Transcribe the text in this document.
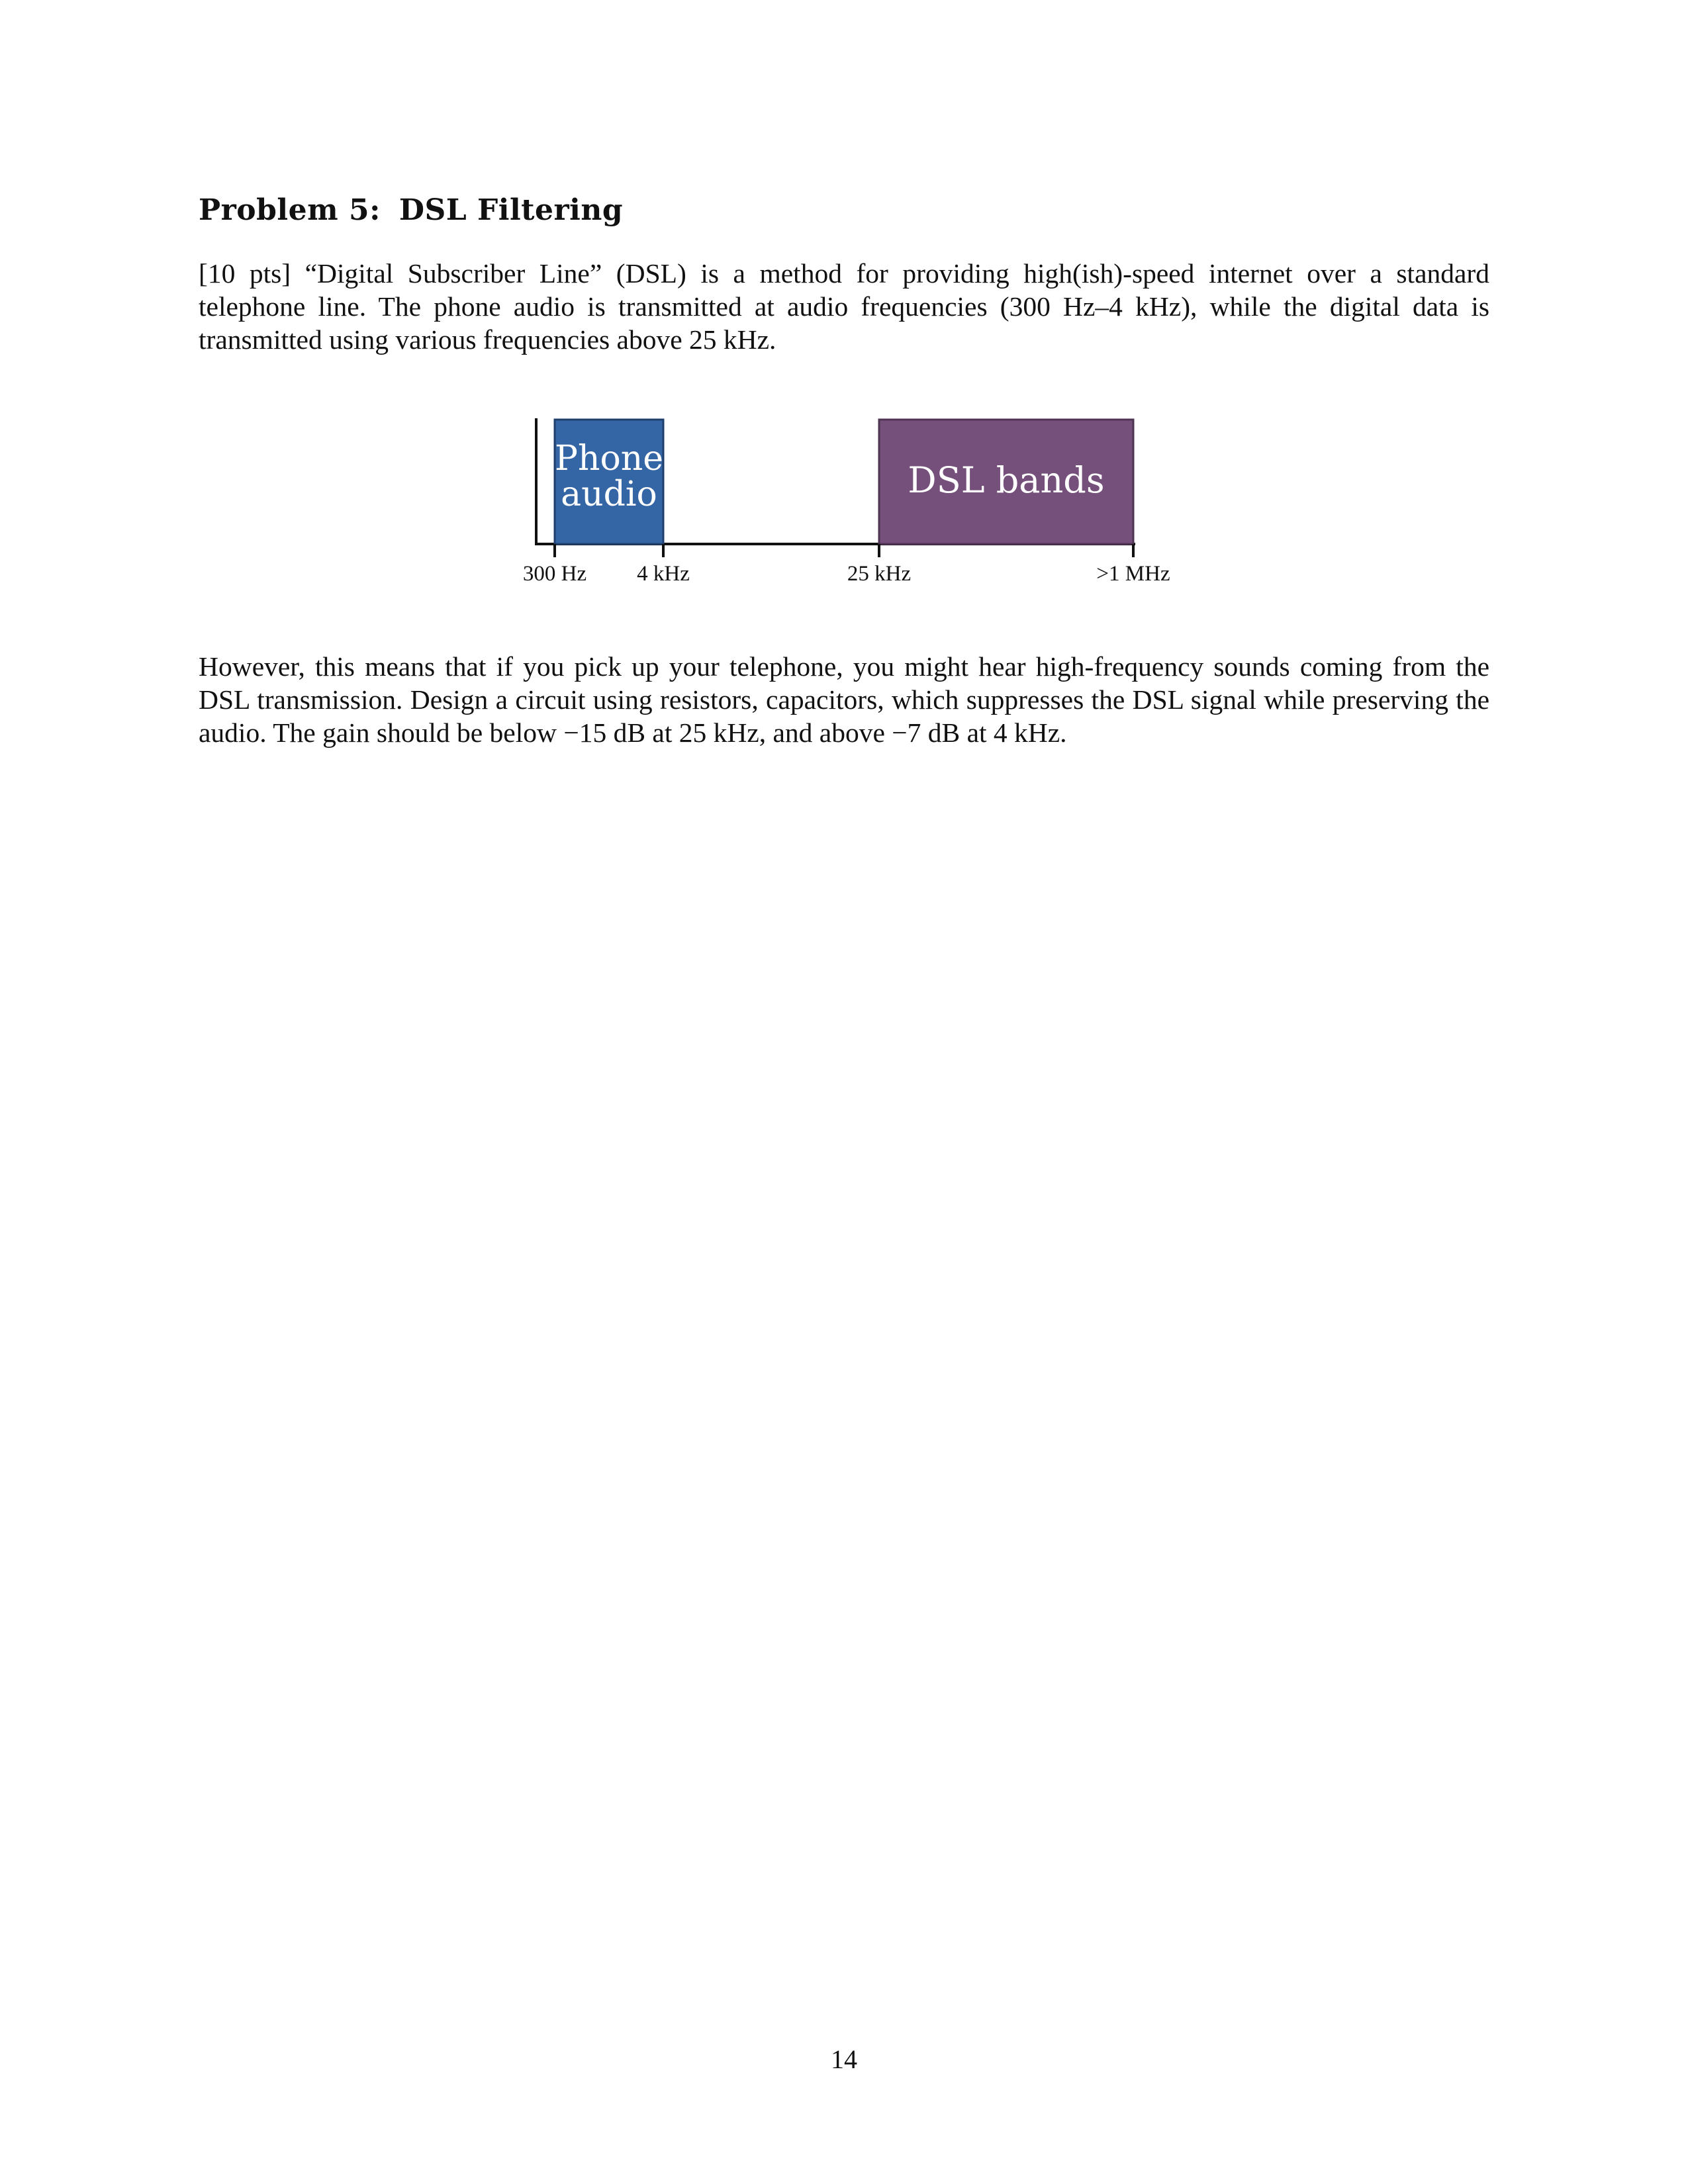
Problem 5: DSL Filtering
[10 pts] “Digital Subscriber Line” (DSL) is a method for providing high(ish)-speed internet over a standard telephone line. The phone audio is transmitted at audio frequencies (300 Hz–4 kHz), while the digital data is transmitted using various frequencies above 25 kHz.
Phone
audio	DSL bands
300 Hz 4 kHz	25 kHz	>1 MHz
However, this means that if you pick up your telephone, you might hear high-frequency sounds coming from the DSL transmission. Design a circuit using resistors, capacitors, which suppresses the DSL signal while preserving the audio. The gain should be below −15 dB at 25 kHz, and above −7 dB at 4 kHz.
14
